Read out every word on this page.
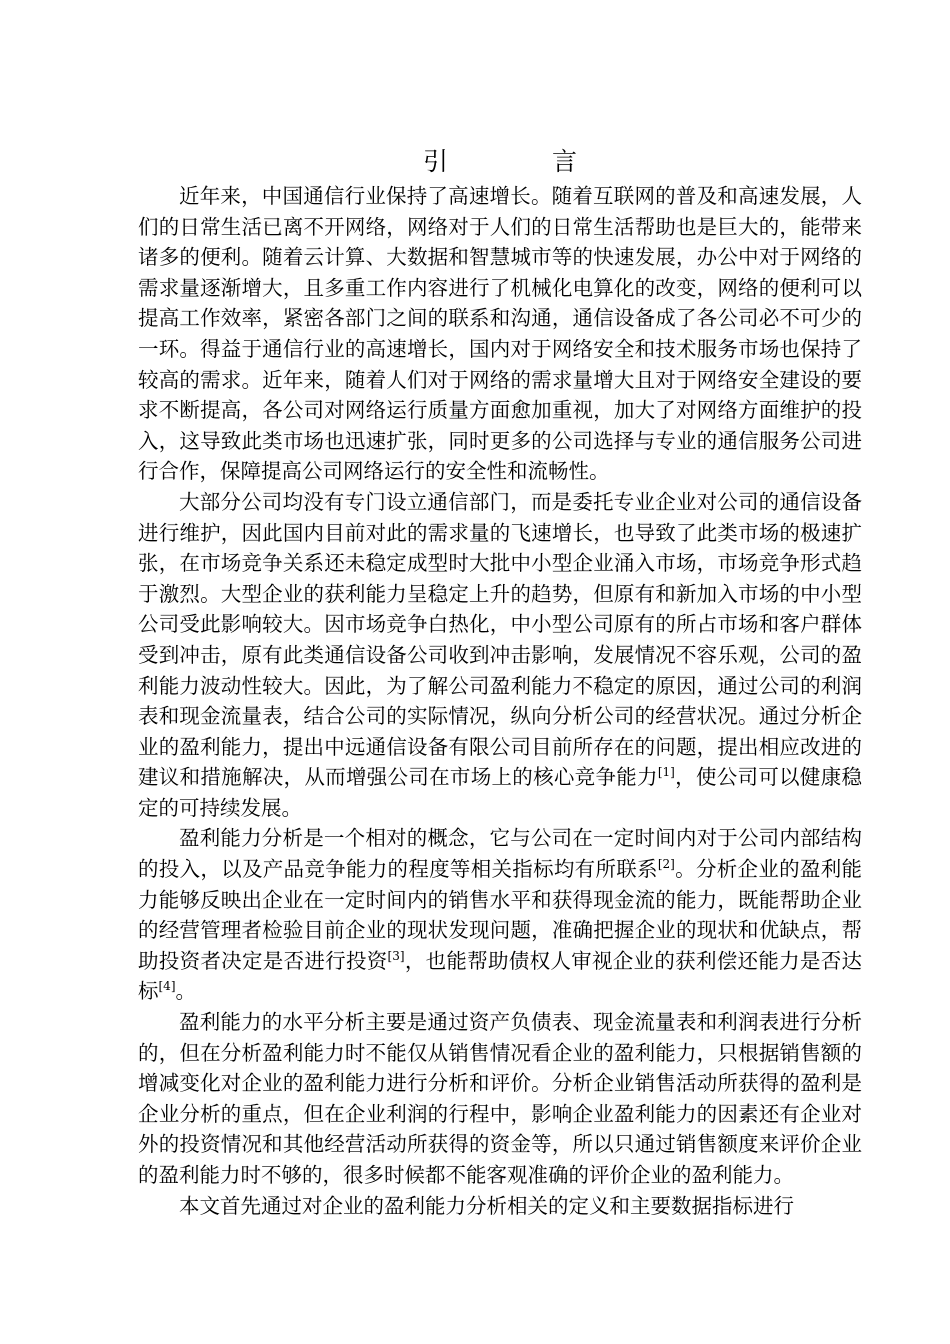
引 言

近年来，中国通信行业保持了高速增长。随着互联网的普及和高速发展，人们的日常生活已离不开网络，网络对于人们的日常生活帮助也是巨大的，能带来诸多的便利。随着云计算、大数据和智慧城市等的快速发展，办公中对于网络的需求量逐渐增大，且多重工作内容进行了机械化电算化的改变，网络的便利可以提高工作效率，紧密各部门之间的联系和沟通，通信设备成了各公司必不可少的一环。得益于通信行业的高速增长，国内对于网络安全和技术服务市场也保持了较高的需求。近年来，随着人们对于网络的需求量增大且对于网络安全建设的要求不断提高，各公司对网络运行质量方面愈加重视，加大了对网络方面维护的投入，这导致此类市场也迅速扩张，同时更多的公司选择与专业的通信服务公司进行合作，保障提高公司网络运行的安全性和流畅性。

大部分公司均没有专门设立通信部门，而是委托专业企业对公司的通信设备进行维护，因此国内目前对此的需求量的飞速增长，也导致了此类市场的极速扩张，在市场竞争关系还未稳定成型时大批中小型企业涌入市场，市场竞争形式趋于激烈。大型企业的获利能力呈稳定上升的趋势，但原有和新加入市场的中小型公司受此影响较大。因市场竞争白热化，中小型公司原有的所占市场和客户群体受到冲击，原有此类通信设备公司收到冲击影响，发展情况不容乐观，公司的盈利能力波动性较大。因此，为了解公司盈利能力不稳定的原因，通过公司的利润表和现金流量表，结合公司的实际情况，纵向分析公司的经营状况。通过分析企业的盈利能力，提出中远通信设备有限公司目前所存在的问题，提出相应改进的建议和措施解决，从而增强公司在市场上的核心竞争能力[1]，使公司可以健康稳定的可持续发展。

盈利能力分析是一个相对的概念，它与公司在一定时间内对于公司内部结构的投入，以及产品竞争能力的程度等相关指标均有所联系[2]。分析企业的盈利能力能够反映出企业在一定时间内的销售水平和获得现金流的能力，既能帮助企业的经营管理者检验目前企业的现状发现问题，准确把握企业的现状和优缺点，帮助投资者决定是否进行投资[3]，也能帮助债权人审视企业的获利偿还能力是否达标[4]。

盈利能力的水平分析主要是通过资产负债表、现金流量表和利润表进行分析的，但在分析盈利能力时不能仅从销售情况看企业的盈利能力，只根据销售额的增减变化对企业的盈利能力进行分析和评价。分析企业销售活动所获得的盈利是企业分析的重点，但在企业利润的行程中，影响企业盈利能力的因素还有企业对外的投资情况和其他经营活动所获得的资金等，所以只通过销售额度来评价企业的盈利能力时不够的，很多时候都不能客观准确的评价企业的盈利能力。

本文首先通过对企业的盈利能力分析相关的定义和主要数据指标进行
